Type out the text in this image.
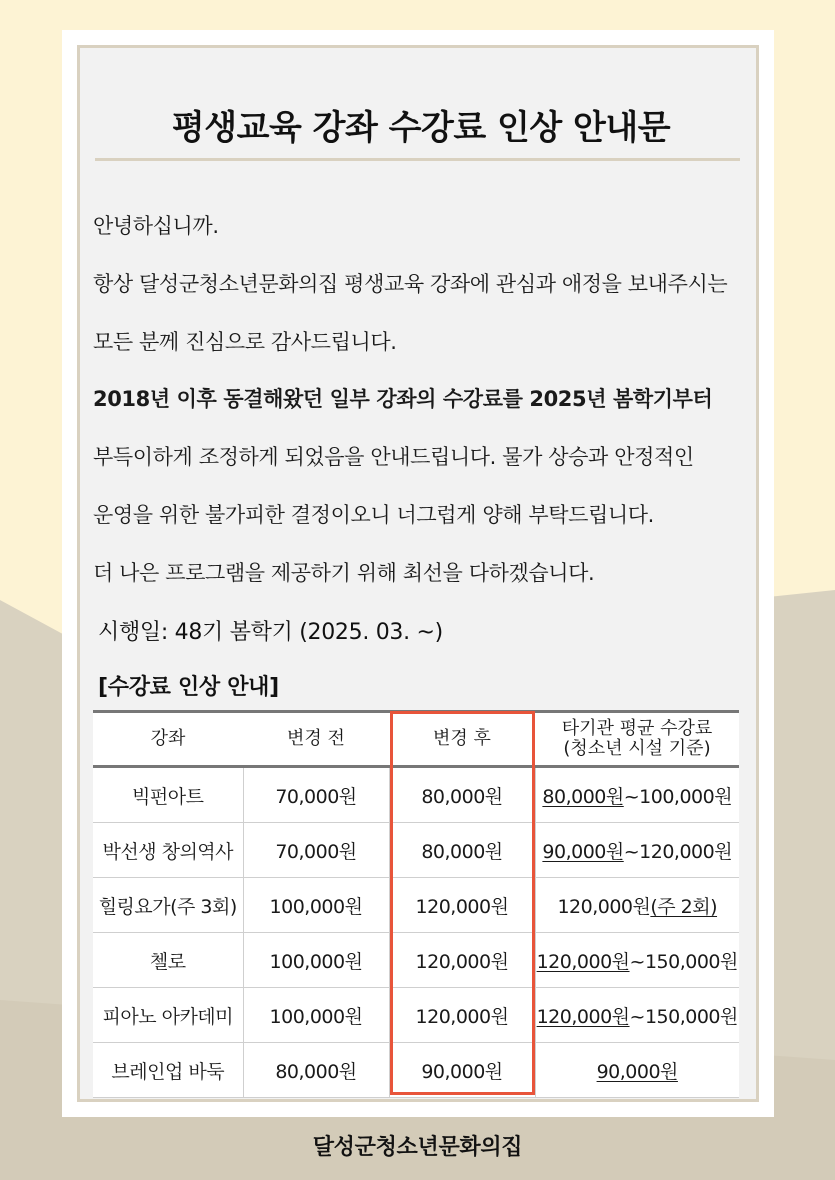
평생교육 강좌 수강료 인상 안내문

안녕하십니까.

항상 달성군청소년문화의집 평생교육 강좌에 관심과 애정을 보내주시는

모든 분께 진심으로 감사드립니다.

2018년 이후 동결해왔던 일부 강좌의 수강료를 2025년 봄학기부터

부득이하게 조정하게 되었음을 안내드립니다. 물가 상승과 안정적인

운영을 위한 불가피한 결정이오니 너그럽게 양해 부탁드립니다.

더 나은 프로그램을 제공하기 위해 최선을 다하겠습니다.

시행일: 48기 봄학기 (2025. 03. ~)
[수강료 인상 안내]
강좌	변경 전	변경 후	타기관 평균 수강료
(청소년 시설 기준)
빅펀아트	70,000원	80,000원	80,000원~100,000원
박선생 창의역사	70,000원	80,000원	90,000원~120,000원
힐링요가(주 3회)	100,000원	120,000원	120,000원(주 2회)
첼로	100,000원	120,000원	120,000원~150,000원
피아노 아카데미	100,000원	120,000원	120,000원~150,000원
브레인업 바둑	80,000원	90,000원	90,000원
달성군청소년문화의집
